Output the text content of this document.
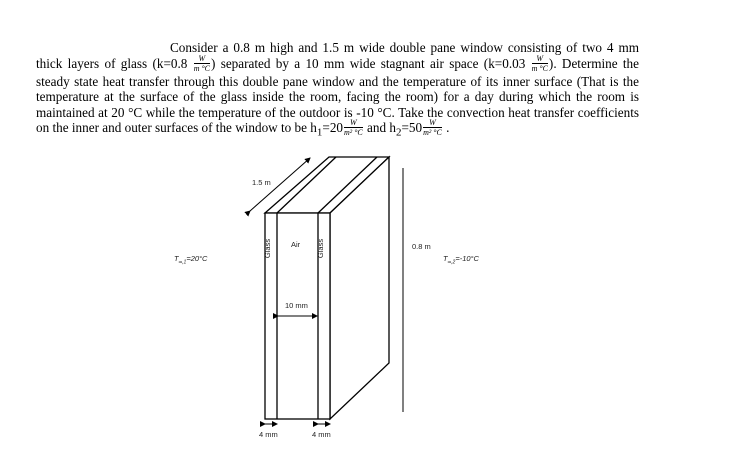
Consider a 0.8 m high and 1.5 m wide double pane window consisting of two 4 mm thick layers of glass ($k=0.8 \frac{W}{m ^\circ C}$ ) separated by a 10 mm wide stagnant air space ($k=0.03 \frac{W}{m ^\circ C}$ ). Determine the steady state heat transfer through this double pane window and the temperature of its inner surface (That is the temperature at the surface of the glass inside the room, facing the room) for a day during which the room is maintained at 20 °C while the temperature of the outdoor is -10 °C. Take the convection heat transfer coefficients on the inner and outer surfaces of the window to be $h_1=20 \frac{W}{\text{m² °C}}$ and $h_2=50 \frac{W}{\text{m² °C}}$ .
1.5 m
0.8 m
Glass	Glass
Air
10 mm
4 mm	4 mm
$T_{\infty,1}=20^\circ C$	$T_{\infty,2}=-10^\circ C$
